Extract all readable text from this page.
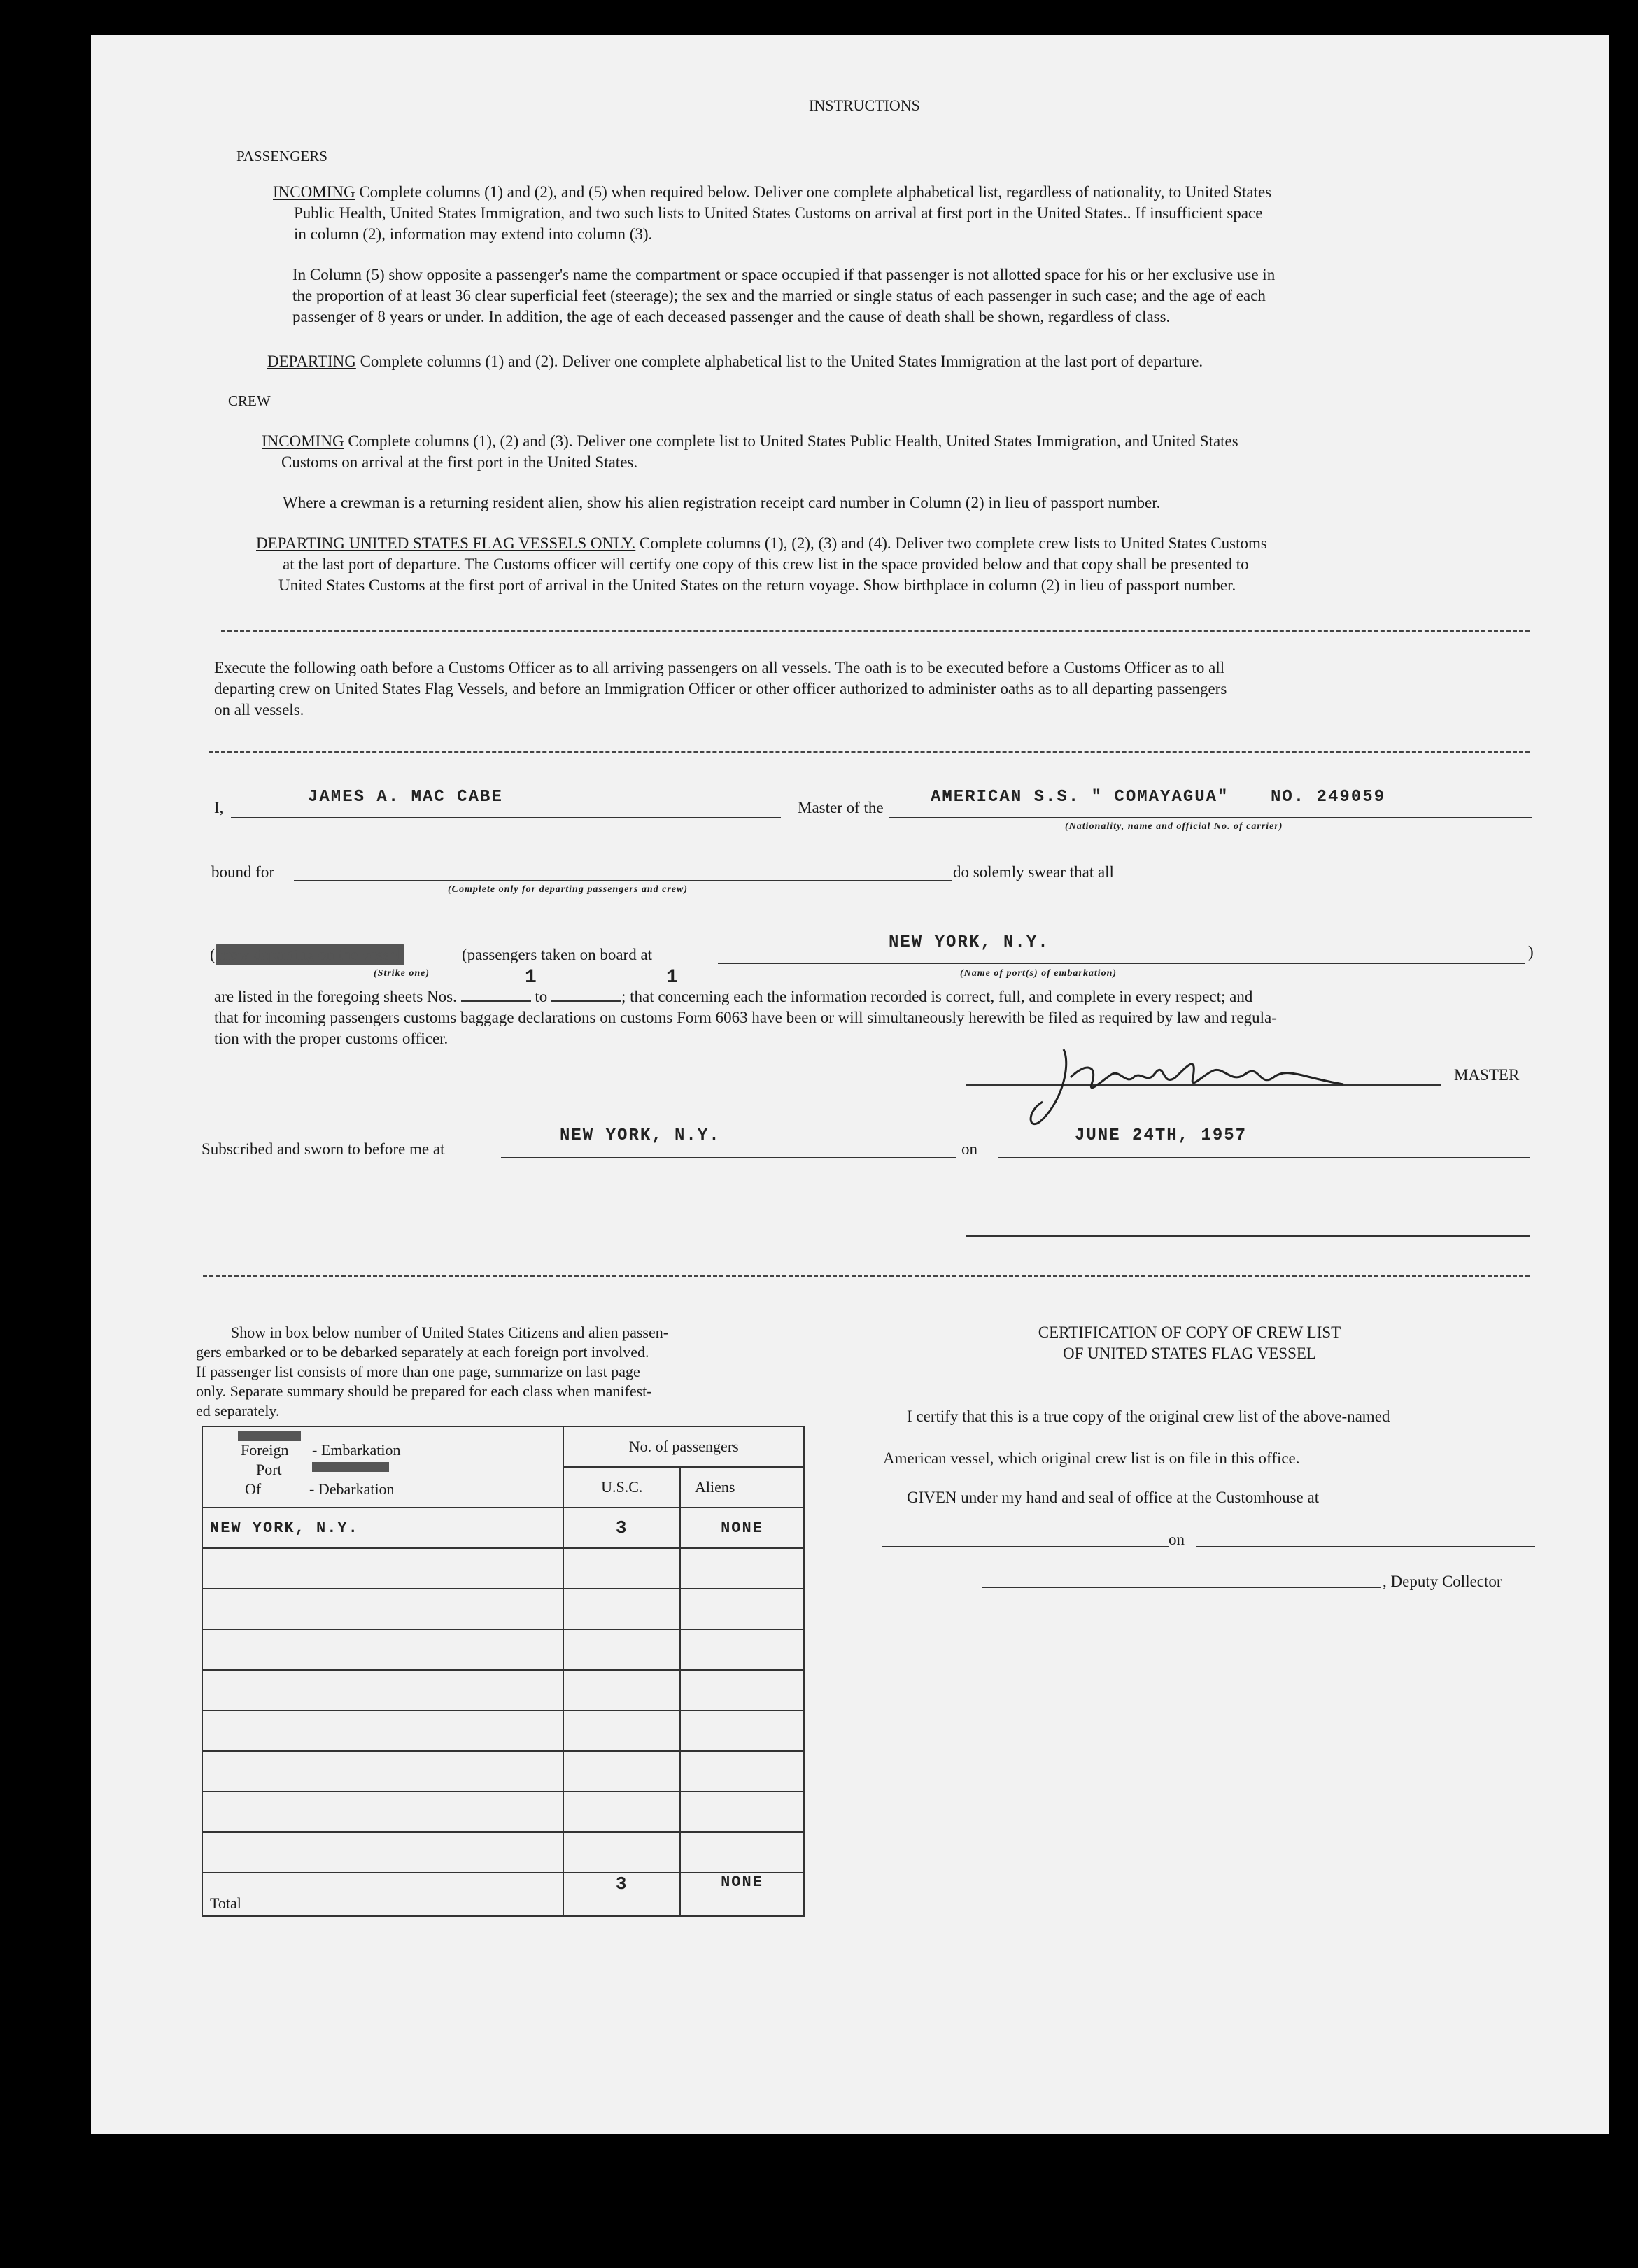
INSTRUCTIONS
PASSENGERS
INCOMING Complete columns (1) and (2), and (5) when required below. Deliver one complete alphabetical list, regardless of nationality, to United States
Public Health, United States Immigration, and two such lists to United States Customs on arrival at first port in the United States.. If insufficient space
in column (2), information may extend into column (3).
In Column (5) show opposite a passenger's name the compartment or space occupied if that passenger is not allotted space for his or her exclusive use in
the proportion of at least 36 clear superficial feet (steerage); the sex and the married or single status of each passenger in such case; and the age of each
passenger of 8 years or under. In addition, the age of each deceased passenger and the cause of death shall be shown, regardless of class.
DEPARTING Complete columns (1) and (2). Deliver one complete alphabetical list to the United States Immigration at the last port of departure.
CREW
INCOMING Complete columns (1), (2) and (3). Deliver one complete list to United States Public Health, United States Immigration, and United States
Customs on arrival at the first port in the United States.
Where a crewman is a returning resident alien, show his alien registration receipt card number in Column (2) in lieu of passport number.
DEPARTING UNITED STATES FLAG VESSELS ONLY. Complete columns (1), (2), (3) and (4). Deliver two complete crew lists to United States Customs
at the last port of departure. The Customs officer will certify one copy of this crew list in the space provided below and that copy shall be presented to
United States Customs at the first port of arrival in the United States on the return voyage. Show birthplace in column (2) in lieu of passport number.
Execute the following oath before a Customs Officer as to all arriving passengers on all vessels. The oath is to be executed before a Customs Officer as to all
departing crew on United States Flag Vessels, and before an Immigration Officer or other officer authorized to administer oaths as to all departing passengers
on all vessels.
I,
JAMES A. MAC CABE
Master of the
AMERICAN S.S. " COMAYAGUA" NO. 249059
(Nationality, name and official No. of carrier)
bound for
(Complete only for departing passengers and crew)
do solemly swear that all
( crew departing on the vessel	(passengers taken on board at
NEW YORK, N.Y.	)
(Strike one)	(Name of port(s) of embarkation)
1	1
are listed in the foregoing sheets Nos.	to	; that concerning each the information recorded is correct, full, and complete in every respect; and
that for incoming passengers customs baggage declarations on customs Form 6063 have been or will simultaneously herewith be filed as required by law and regula-
tion with the proper customs officer.
MASTER
Subscribed and sworn to before me at
NEW YORK, N.Y.
on
JUNE 24TH, 1957
Show in box below number of United States Citizens and alien passen-
gers embarked or to be debarked separately at each foreign port involved.
If passenger list consists of more than one page, summarize on last page
only. Separate summary should be prepared for each class when manifest-
ed separately.
Foreign - Embarkation
Port
Of - Debarkation	No. of passengers	
	U.S.C.	Aliens
NEW YORK, N.Y.	3	NONE

Total	3	NONE
CERTIFICATION OF COPY OF CREW LIST
OF UNITED STATES FLAG VESSEL
I certify that this is a true copy of the original crew list of the above-named
American vessel, which original crew list is on file in this office.
GIVEN under my hand and seal of office at the Customhouse at
on
, Deputy Collector
